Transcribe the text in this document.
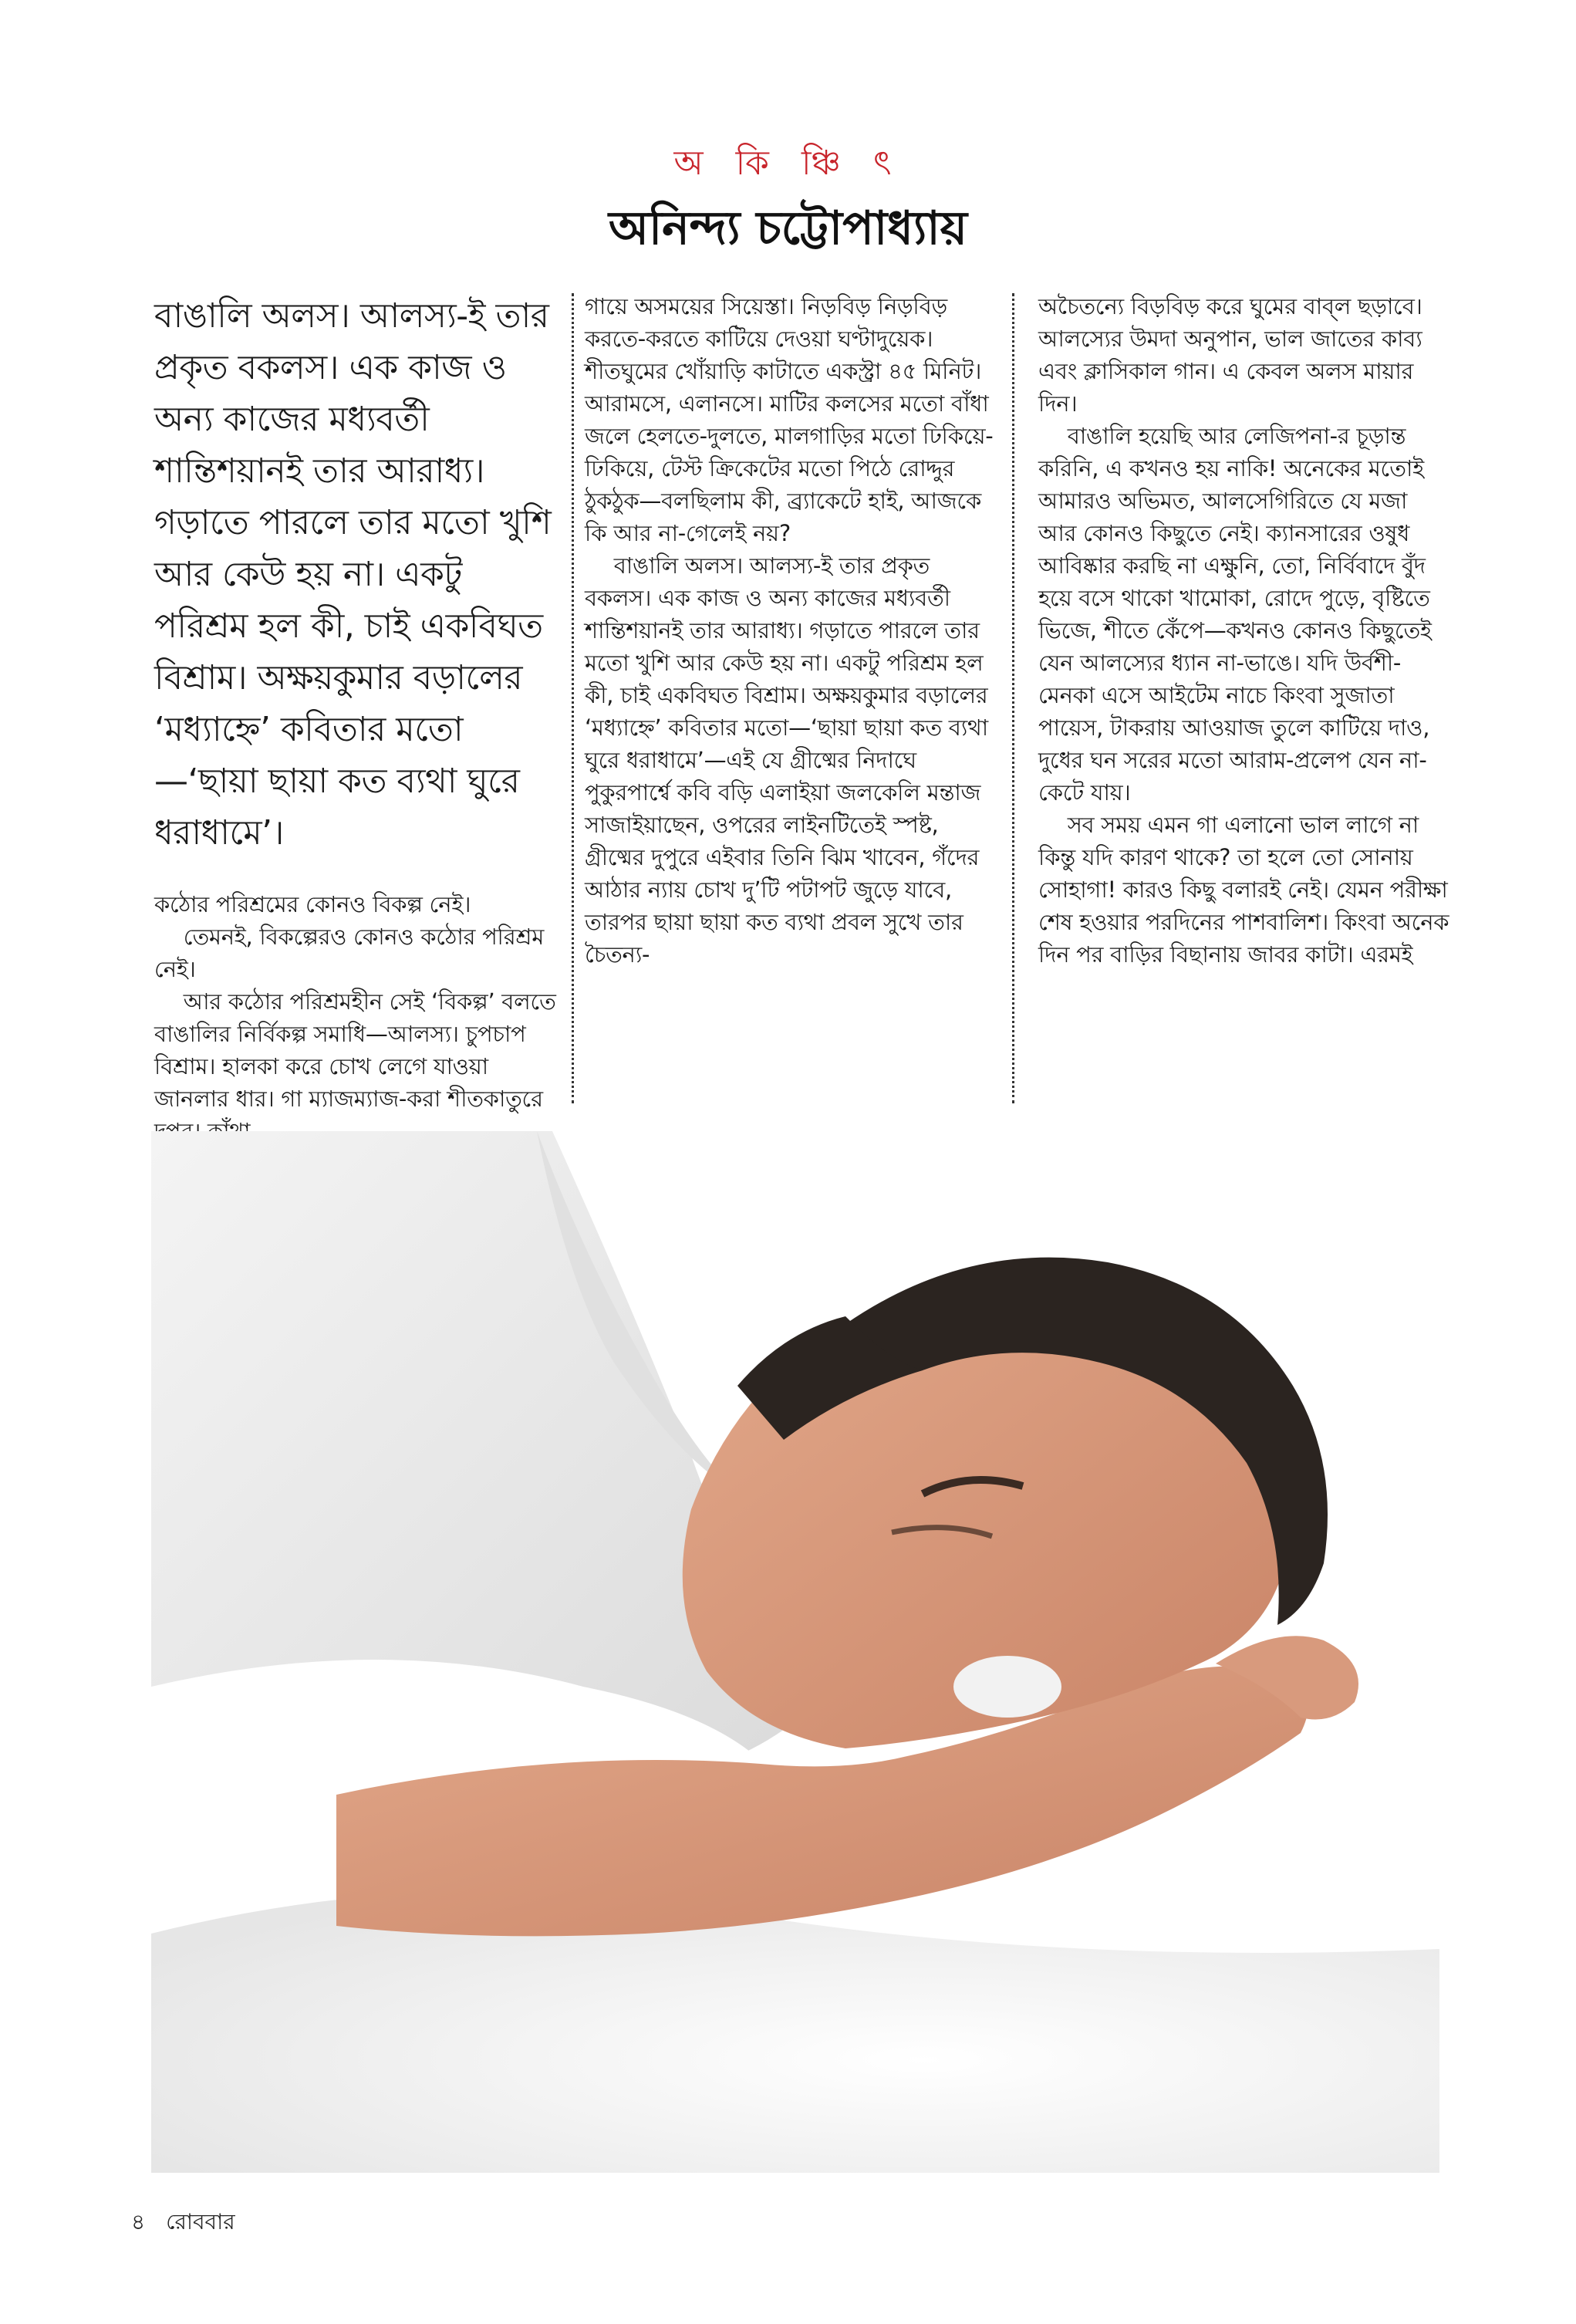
অ কি ঞ্চি ৎ
অনিন্দ্য চট্টোপাধ্যায়

বাঙালি অলস। আলস্য-ই তার প্রকৃত বকলস। এক কাজ ও অন্য কাজের মধ্যবর্তী শান্তিশয়ানই তার আরাধ্য। গড়াতে পারলে তার মতো খুশি আর কেউ হয় না। একটু পরিশ্রম হল কী, চাই একবিঘত বিশ্রাম। অক্ষয়কুমার বড়ালের ‘মধ্যাহ্নে’ কবিতার মতো—‘ছায়া ছায়া কত ব্যথা ঘুরে ধরাধামে’।

কঠোর পরিশ্রমের কোনও বিকল্প নেই।

তেমনই, বিকল্পেরও কোনও কঠোর পরিশ্রম নেই।

আর কঠোর পরিশ্রমহীন সেই ‘বিকল্প’ বলতে বাঙালির নির্বিকল্প সমাধি—আলস্য। চুপচাপ বিশ্রাম। হালকা করে চোখ লেগে যাওয়া জানলার ধার। গা ম্যাজম্যাজ-করা শীতকাতুরে

গায়ে অসময়ের সিয়েস্তা। নিড়বিড় নিড়বিড় করতে-করতে কাটিয়ে দেওয়া ঘণ্টাদুয়েক। শীতঘুমের খোঁয়াড়ি কাটাতে একস্ট্রা ৪৫ মিনিট। আরামসে, এলানসে। মাটির কলসের মতো বাঁধা জলে হেলতে-দুলতে, মালগাড়ির মতো ঢিকিয়ে-ঢিকিয়ে, টেস্ট ক্রিকেটের মতো পিঠে রোদ্দুর ঠুকঠুক—বলছিলাম কী, ব্র্যাকেটে হাই, আজকে কি আর না-গেলেই নয়?

বাঙালি অলস। আলস্য-ই তার প্রকৃত বকলস। এক কাজ ও অন্য কাজের মধ্যবর্তী শান্তিশয়ানই তার আরাধ্য। গড়াতে পারলে তার মতো খুশি আর কেউ হয় না। একটু পরিশ্রম হল কী, চাই একবিঘত বিশ্রাম। অক্ষয়কুমার বড়ালের ‘মধ্যাহ্নে’ কবিতার মতো—‘ছায়া ছায়া কত ব্যথা ঘুরে ধরাধামে’—এই যে গ্রীষ্মের নিদাঘে পুকুরপার্শ্বে কবি বড়ি এলাইয়া জলকেলি মন্তাজ সাজাইয়াছেন, ওপরের লাইনটিতেই স্পষ্ট, গ্রীষ্মের দুপুরে এইবার তিনি ঝিম খাবেন, গঁদের আঠার ন্যায় চোখ দু’টি পটাপট জুড়ে যাবে, তারপর ছায়া ছায়া কত ব্যথা প্রবল সুখে তার চৈতন্য-

অচৈতন্যে বিড়বিড় করে ঘুমের বাব্‌ল ছড়াবে। আলস্যের উমদা অনুপান, ভাল জাতের কাব্য এবং ক্লাসিকাল গান। এ কেবল অলস মায়ার দিন।

বাঙালি হয়েছি আর লেজিপনা-র চূড়ান্ত করিনি, এ কখনও হয় নাকি! অনেকের মতোই আমারও অভিমত, আলসেগিরিতে যে মজা আর কোনও কিছুতে নেই। ক্যানসারের ওষুধ আবিষ্কার করছি না এক্ষুনি, তো, নির্বিবাদে বুঁদ হয়ে বসে থাকো খামোকা, রোদে পুড়ে, বৃষ্টিতে ভিজে, শীতে কেঁপে—কখনও কোনও কিছুতেই যেন আলস্যের ধ্যান না-ভাঙে। যদি উর্বশী-মেনকা এসে আইটেম নাচে কিংবা সুজাতা পায়েস, টাকরায় আওয়াজ তুলে কাটিয়ে দাও, দুধের ঘন সরের মতো আরাম-প্রলেপ যেন না-কেটে যায়।

সব সময় এমন গা এলানো ভাল লাগে না কিন্তু যদি কারণ থাকে? তা হলে তো সোনায় সোহাগা! কারও কিছু বলারই নেই। যেমন পরীক্ষা শেষ হওয়ার পরদিনের পাশবালিশ। কিংবা অনেক দিন পর বাড়ির বিছানায় জাবর কাটা। এরমই

৪ রোববার
